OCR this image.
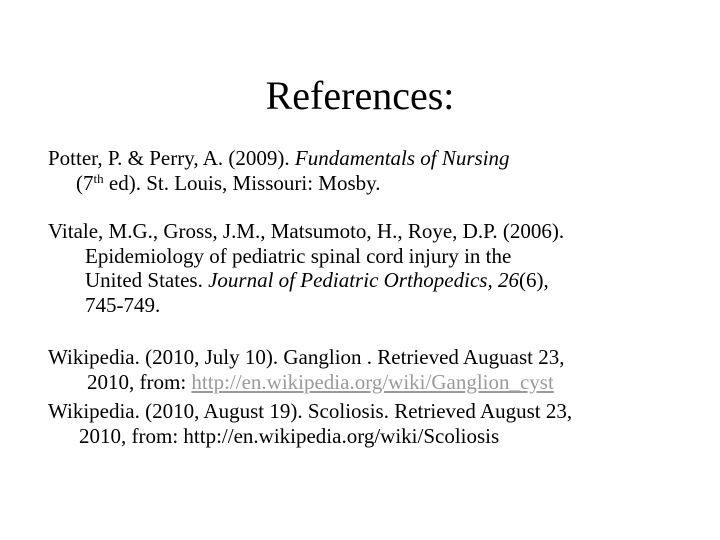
References:
Potter, P. & Perry, A. (2009). Fundamentals of Nursing
(7th ed). St. Louis, Missouri: Mosby.
Vitale, M.G., Gross, J.M., Matsumoto, H., Roye, D.P. (2006).
Epidemiology of pediatric spinal cord injury in the
United States. Journal of Pediatric Orthopedics, 26(6),
745-749.
Wikipedia. (2010, July 10). Ganglion . Retrieved Auguast 23,
2010, from: http://en.wikipedia.org/wiki/Ganglion_cyst
Wikipedia. (2010, August 19). Scoliosis. Retrieved August 23,
2010, from: http://en.wikipedia.org/wiki/Scoliosis
